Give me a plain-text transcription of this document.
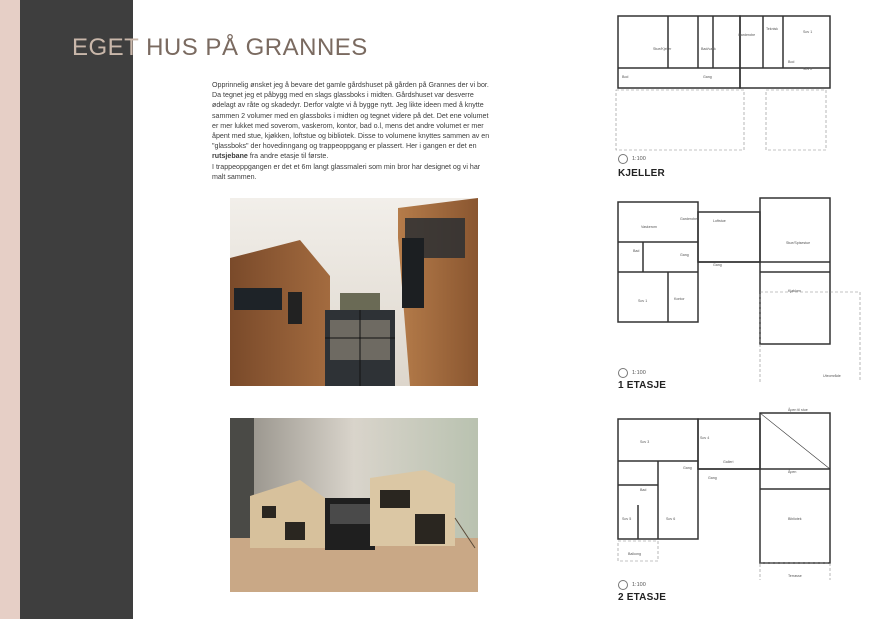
EGET HUS PÅ GRANNES
Opprinnelig ønsket jeg å bevare det gamle gårdshuset på gården på Grannes der vi bor.
Da tegnet jeg et påbygg med en slags glassboks i midten. Gårdshuset var desverre
ødelagt av råte og skadedyr. Derfor valgte vi å bygge nytt. Jeg likte ideen med å knytte
sammen 2 volumer med en glassboks i midten og tegnet videre på det. Det ene volumet
er mer lukket med soverom, vaskerom, kontor, bad o.l, mens det andre volumet er mer
åpent med stue, kjøkken, loftstue og bibliotek. Disse to volumene knyttes sammen av en
"glassboks" der hovedinngang og trappeoppgang er plassert. Her i gangen er det en
rutsjebane fra andre etasje til første.
I trappeoppgangen er det et 6m langt glassmaleri som min bror har designet og vi har
malt sammen.
Stue/Kjeller	Bad/vask
Garderobe
Teknisk
Bod
Sov 1
Sov 2
Gang
Bod
1:100
KJELLER
Vaskerom
Garderobe
Gang
Bad
Sov 1	Kontor
Loftstue
Stue/Spisestue
Kjøkken
Gang
Uteområde
1:100
1 ETASJE
Sov 3
Sov 4
Gang
Galleri
Bad
Sov 5	Sov 6	Bibliotek
Gang
Balkong
Terrasse
Åpen
Åpen til stue
1:100
2 ETASJE
